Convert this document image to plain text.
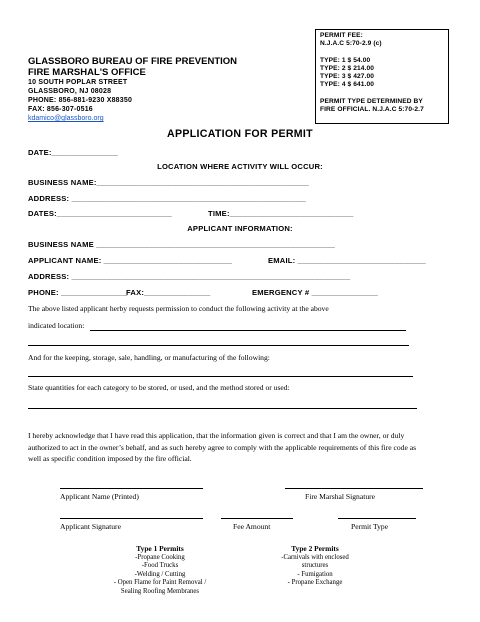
PERMIT FEE:
N.J.A.C 5:70-2.9 (c)

TYPE: 1 $ 54.00
TYPE: 2 $ 214.00
TYPE: 3 $ 427.00
TYPE: 4 $ 641.00

PERMIT TYPE DETERMINED BY
FIRE OFFICIAL. N.J.A.C 5:70-2.7
GLASSBORO BUREAU OF FIRE PREVENTION
FIRE MARSHAL'S OFFICE
10 SOUTH POPLAR STREET
GLASSBORO, NJ 08028
PHONE: 856-881-9230 X88350
FAX: 856-307-0516
kdamico@glassboro.org
APPLICATION FOR PERMIT
DATE:_______________
LOCATION WHERE ACTIVITY WILL OCCUR:
BUSINESS NAME:________________________________________________
ADDRESS: _____________________________________________________
DATES:__________________________	TIME:____________________________
APPLICANT INFORMATION:
BUSINESS NAME ______________________________________________________
APPLICANT NAME: _____________________________	EMAIL: _____________________________
ADDRESS: _______________________________________________________________
PHONE: _______________
FAX:_______________	EMERGENCY # _______________
The above listed applicant herby requests permission to conduct the following activity at the above
indicated location:
And for the keeping, storage, sale, handling, or manufacturing of the following:
State quantities for each category to be stored, or used, and the method stored or used:
I hereby acknowledge that I have read this application, that the information given is correct and that I am the owner, or duly authorized to act in the owner’s behalf, and as such hereby agree to comply with the applicable requirements of this fire code as well as specific condition imposed by the fire official.
Applicant Name (Printed)	Fire Marshal Signature
Applicant Signature	Fee Amount	Permit Type
Type 1 Permits
-Propane Cooking
-Food Trucks
-Welding / Cutting
- Open Flame for Paint Removal /
Sealing Roofing Membranes
Type 2 Permits
-Carnivals with enclosed
structures
- Fumigation
- Propane Exchange
